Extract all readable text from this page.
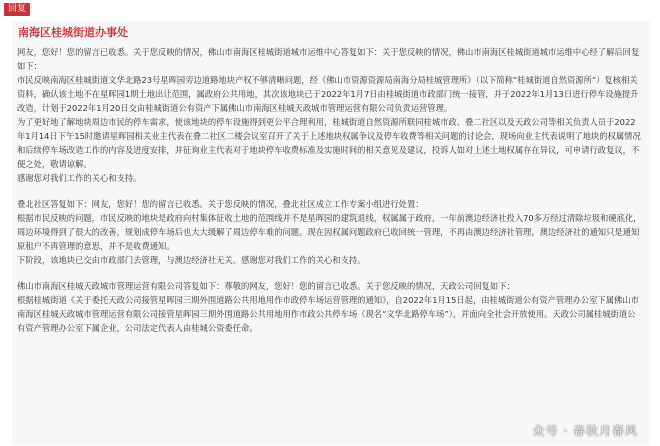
回复
南海区桂城街道办事处

网友，您好！您的留言已收悉。关于您反映的情况，佛山市南海区桂城街道城市运维中心答复如下：关于您反映的情况，佛山市南海区桂城街道城市运维中心经了解后回复如下：

市民反映南海区桂城街道文华北路23号星晖园旁边道路地块产权不够清晰问题，经《佛山市资源资源局南海分局桂城管理所》（以下简称“桂城街道自然资源所”）复核相关资料，确认该土地不在星晖园1期土地出让范围，属政府公共用地，其次该地块已于2022年1月7日由桂城街道市政部门统一接管，并于2022年1月13日进行停车设施提升改造，计划于2022年1月20日交由桂城街道公有资产下属佛山市南海区桂城天政城市管理运营有限公司负责运营管理。

为了更好地了解地块周边市民的停车需求，使该地块的停车设施得到更公平合理利用，桂城街道自然资源所联同桂城市政、叠二社区以及天政公司等相关负责人员于2022年1月14日下午15时邀请星晖园相关业主代表在叠二社区二楼会议室召开了关于上述地块权属争议及停车收费等相关问题的讨论会，现场向业主代表说明了地块的权属情况和后续停车场改造工作的内容及进度安排，并征询业主代表对于地块停车收费标准及实施时间的相关意见及建议，投诉人如对上述土地权属存在异议，可申请行政复议，不便之处，敬请谅解。

感谢您对我们工作的关心和支持。

叠北社区答复如下：网友，您好！您的留言已收悉。关于您反映的情况，叠北社区成立工作专案小组进行处置：

根据市民反映的问题，市民反映的地块是政府向村集体征收土地的范围线并不是星晖园的建筑退线，权属属于政府，一年前澳边经济社投入70多万经过清除垃圾和硬底化，周边环境得到了很大的改善，规划成停车场后也大大缓解了周边停车难的问题。现在因权属问题政府已收回统一管理，不再由澳边经济社管理，澳边经济社的通知只是通知原租户不再管理的意思，并不是收费通知。

下阶段，该地块已交由市政部门去管理，与澳边经济社无关。感谢您对我们工作的关心和支持。

佛山市南海区桂城天政城市管理运营有限公司答复如下：尊敬的网友，您好！您的留言已收悉。关于您反映的情况，天政公司回复如下：

根据桂城街道《关于委托天政公司接管星晖园三期外围道路公共用地用作市政停车场运营管理的通知》，自2022年1月15日起，由桂城街道公有资产管理办公室下属佛山市南海区桂城天政城市管理运营有限公司接管星晖园三期外围道路公共用地用作市政公共停车场（现名“文华北路停车场”），并面向全社会开放使用。天政公司属桂城街道公有资产管理办公室下属企业，公司法定代表人由桂城公资委任命。

众号 · 春秋月春风
